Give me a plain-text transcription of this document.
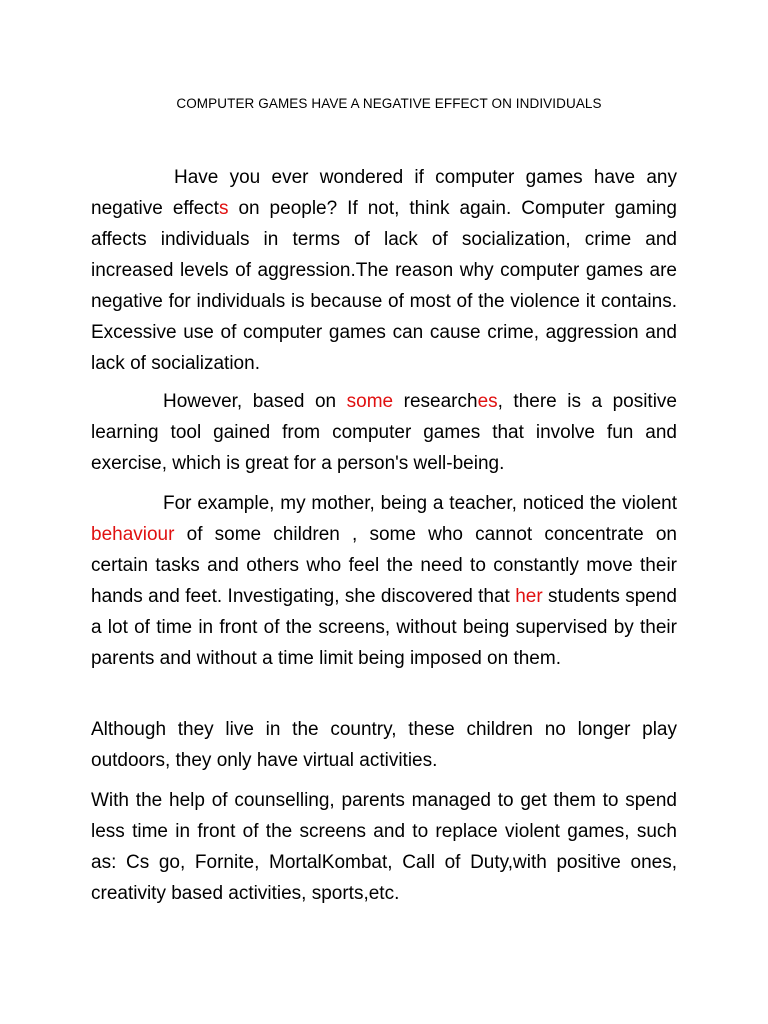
COMPUTER GAMES HAVE A NEGATIVE EFFECT ON INDIVIDUALS

Have you ever wondered if computer games have any negative effects on people? If not, think again. Computer gaming affects individuals in terms of lack of socialization, crime and increased levels of aggression.The reason why computer games are negative for individuals is because of most of the violence it contains. Excessive use of computer games can cause crime, aggression and lack of socialization.

However, based on some researches, there is a positive learning tool gained from computer games that involve fun and exercise, which is great for a person's well-being.

For example, my mother, being a teacher, noticed the violent behaviour of some children , some who cannot concentrate on certain tasks and others who feel the need to constantly move their hands and feet. Investigating, she discovered that her students spend a lot of time in front of the screens, without being supervised by their parents and without a time limit being imposed on them.

Although they live in the country, these children no longer play outdoors, they only have virtual activities.

With the help of counselling, parents managed to get them to spend less time in front of the screens and to replace violent games, such as: Cs go, Fornite, MortalKombat, Call of Duty,with positive ones, creativity based activities, sports,etc.
